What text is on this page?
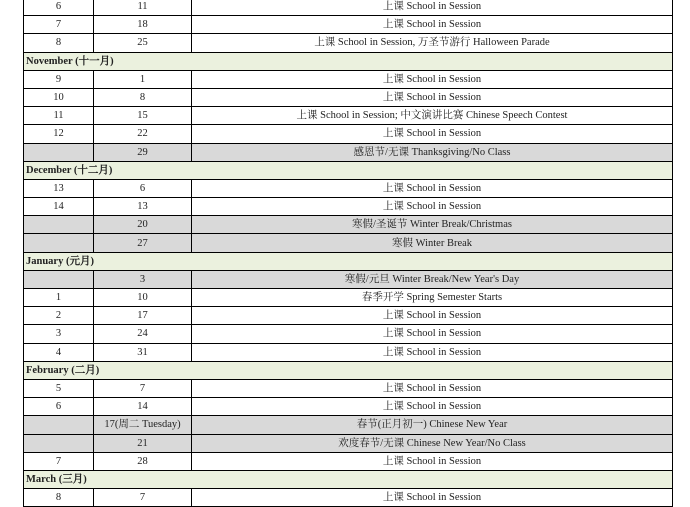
6	11	上课 School in Session
7	18	上课 School in Session
8	25	上课 School in Session, 万圣节游行 Halloween Parade
November (十一月)		
9	1	上课 School in Session
10	8	上课 School in Session
11	15	上课 School in Session; 中文演讲比赛 Chinese Speech Contest
12	22	上课 School in Session
	29	感恩节/无课 Thanksgiving/No Class
December (十二月)		
13	6	上课 School in Session
14	13	上课 School in Session
	20	寒假/圣诞节 Winter Break/Christmas
	27	寒假 Winter Break
January (元月)		
	3	寒假/元旦 Winter Break/New Year's Day
1	10	春季开学 Spring Semester Starts
2	17	上课 School in Session
3	24	上课 School in Session
4	31	上课 School in Session
February (二月)		
5	7	上课 School in Session
6	14	上课 School in Session
	17(周二 Tuesday)	春节(正月初一) Chinese New Year
	21	欢度春节/无课 Chinese New Year/No Class
7	28	上课 School in Session
March (三月)		
8	7	上课 School in Session
